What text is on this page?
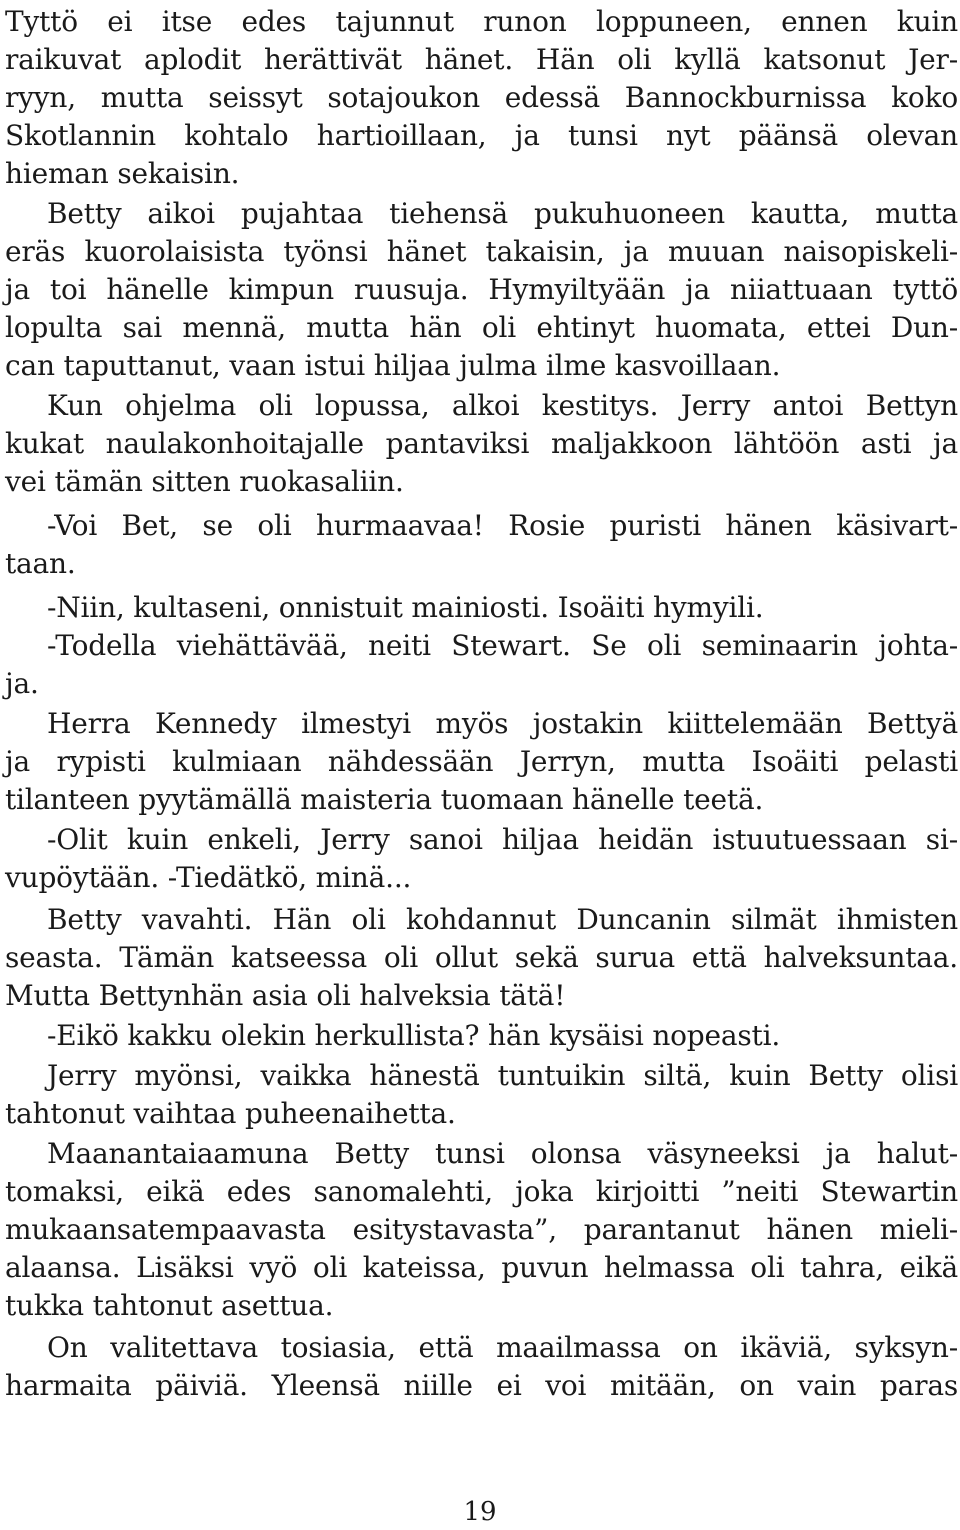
Tyttö ei itse edes tajunnut runon loppuneen, ennen kuin
raikuvat aplodit herättivät hänet. Hän oli kyllä katsonut Jer-
ryyn, mutta seissyt sotajoukon edessä Bannockburnissa koko
Skotlannin kohtalo hartioillaan, ja tunsi nyt päänsä olevan
hieman sekaisin.
Betty aikoi pujahtaa tiehensä pukuhuoneen kautta, mutta
eräs kuorolaisista työnsi hänet takaisin, ja muuan naisopiskeli-
ja toi hänelle kimpun ruusuja. Hymyiltyään ja niiattuaan tyttö
lopulta sai mennä, mutta hän oli ehtinyt huomata, ettei Dun-
can taputtanut, vaan istui hiljaa julma ilme kasvoillaan.
Kun ohjelma oli lopussa, alkoi kestitys. Jerry antoi Bettyn
kukat naulakonhoitajalle pantaviksi maljakkoon lähtöön asti ja
vei tämän sitten ruokasaliin.
-Voi Bet, se oli hurmaavaa! Rosie puristi hänen käsivart-
taan.
-Niin, kultaseni, onnistuit mainiosti. Isoäiti hymyili.
-Todella viehättävää, neiti Stewart. Se oli seminaarin johta-
ja.
Herra Kennedy ilmestyi myös jostakin kiittelemään Bettyä
ja rypisti kulmiaan nähdessään Jerryn, mutta Isoäiti pelasti
tilanteen pyytämällä maisteria tuomaan hänelle teetä.
-Olit kuin enkeli, Jerry sanoi hiljaa heidän istuutuessaan si-
vupöytään. -Tiedätkö, minä...
Betty vavahti. Hän oli kohdannut Duncanin silmät ihmisten
seasta. Tämän katseessa oli ollut sekä surua että halveksuntaa.
Mutta Bettynhän asia oli halveksia tätä!
-Eikö kakku olekin herkullista? hän kysäisi nopeasti.
Jerry myönsi, vaikka hänestä tuntuikin siltä, kuin Betty olisi
tahtonut vaihtaa puheenaihetta.
Maanantaiaamuna Betty tunsi olonsa väsyneeksi ja halut-
tomaksi, eikä edes sanomalehti, joka kirjoitti ”neiti Stewartin
mukaansatempaavasta esitystavasta”, parantanut hänen mieli-
alaansa. Lisäksi vyö oli kateissa, puvun helmassa oli tahra, eikä
tukka tahtonut asettua.
On valitettava tosiasia, että maailmassa on ikäviä, syksyn-
harmaita päiviä. Yleensä niille ei voi mitään, on vain paras
19
